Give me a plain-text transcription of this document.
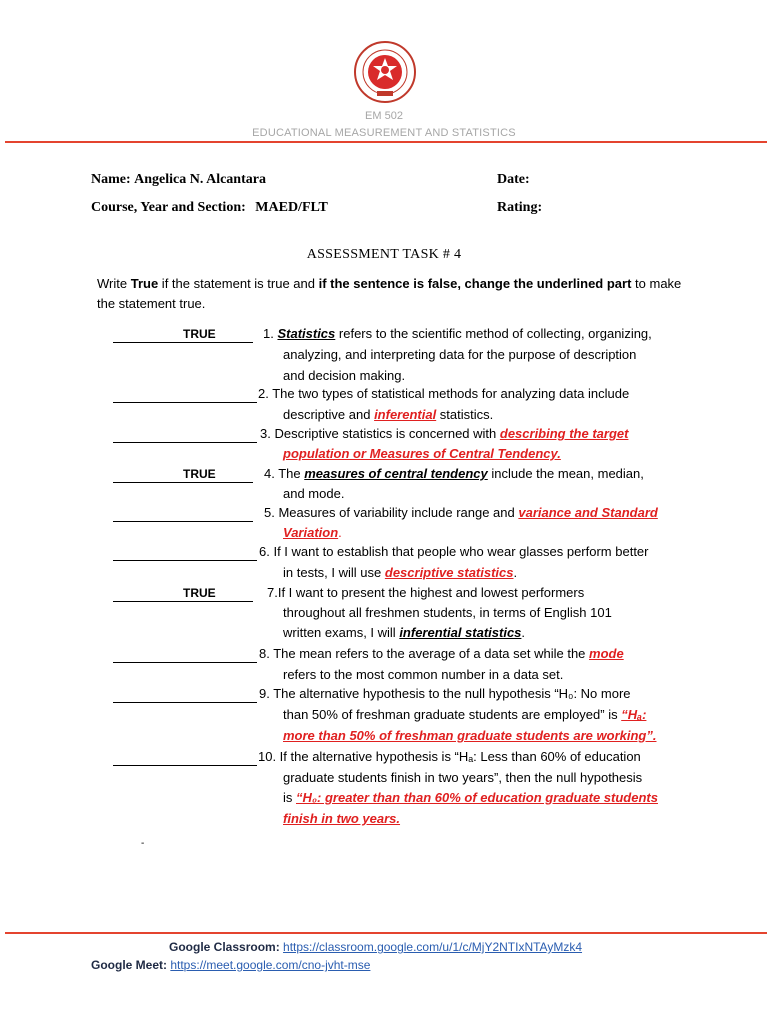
EM 502
EDUCATIONAL MEASUREMENT AND STATISTICS
Name: Angelica N. Alcantara	Date:
Course, Year and Section: MAED/FLT	Rating:
ASSESSMENT TASK # 4
Write True if the statement is true and if the sentence is false, change the underlined part to make the statement true.
TRUE	1. Statistics refers to the scientific method of collecting, organizing,
analyzing, and interpreting data for the purpose of description
and decision making.
2. The two types of statistical methods for analyzing data include
descriptive and inferential statistics.
3. Descriptive statistics is concerned with describing the target
population or Measures of Central Tendency.
TRUE	4. The measures of central tendency include the mean, median,
and mode.
5. Measures of variability include range and variance and Standard
Variation.
6. If I want to establish that people who wear glasses perform better
in tests, I will use descriptive statistics.
TRUE	7.If I want to present the highest and lowest performers
throughout all freshmen students, in terms of English 101
written exams, I will inferential statistics.
8. The mean refers to the average of a data set while the mode
refers to the most common number in a data set.
9. The alternative hypothesis to the null hypothesis “H₀: No more
than 50% of freshman graduate students are employed” is “Hₐ:
more than 50% of freshman graduate students are working”.
10. If the alternative hypothesis is “Hₐ: Less than 60% of education
graduate students finish in two years”, then the null hypothesis
is “H₀: greater than than 60% of education graduate students
finish in two years.
-
Google Classroom: https://classroom.google.com/u/1/c/MjY2NTIxNTAyMzk4
Google Meet: https://meet.google.com/cno-jvht-mse
